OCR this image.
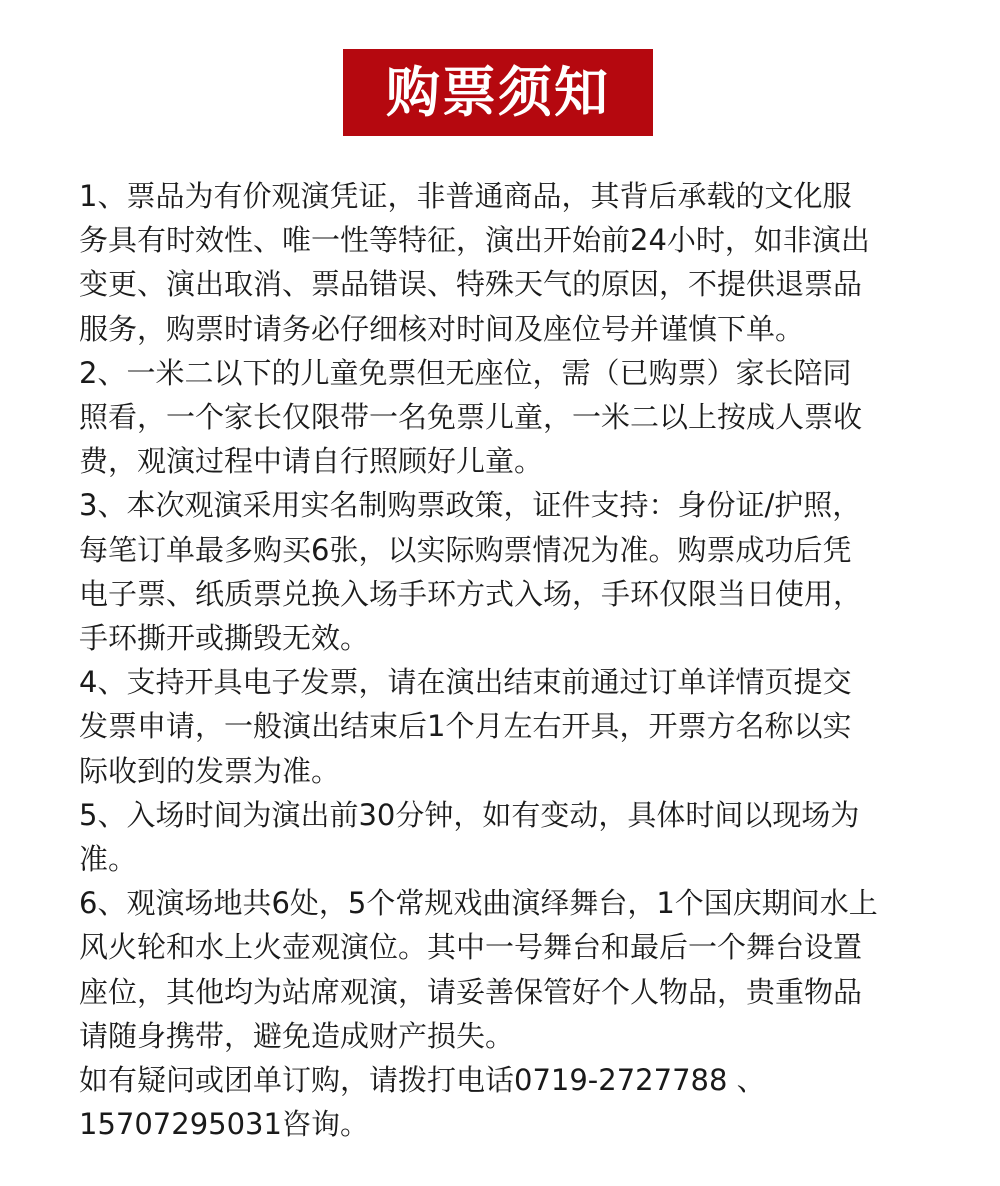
购票须知

1、票品为有价观演凭证，非普通商品，其背后承载的文化服
务具有时效性、唯一性等特征，演出开始前24小时，如非演出
变更、演出取消、票品错误、特殊天气的原因，不提供退票品
服务，购票时请务必仔细核对时间及座位号并谨慎下单。

2、一米二以下的儿童免票但无座位，需（已购票）家长陪同
照看，一个家长仅限带一名免票儿童，一米二以上按成人票收
费，观演过程中请自行照顾好儿童。

3、本次观演采用实名制购票政策，证件支持：身份证/护照，
每笔订单最多购买6张，以实际购票情况为准。购票成功后凭
电子票、纸质票兑换入场手环方式入场，手环仅限当日使用，
手环撕开或撕毁无效。

4、支持开具电子发票，请在演出结束前通过订单详情页提交
发票申请，一般演出结束后1个月左右开具，开票方名称以实
际收到的发票为准。

5、入场时间为演出前30分钟，如有变动，具体时间以现场为
准。

6、观演场地共6处，5个常规戏曲演绎舞台，1个国庆期间水上
风火轮和水上火壶观演位。其中一号舞台和最后一个舞台设置
座位，其他均为站席观演，请妥善保管好个人物品，贵重物品
请随身携带，避免造成财产损失。

如有疑问或团单订购，请拨打电话0719-2727788 、
15707295031咨询。
